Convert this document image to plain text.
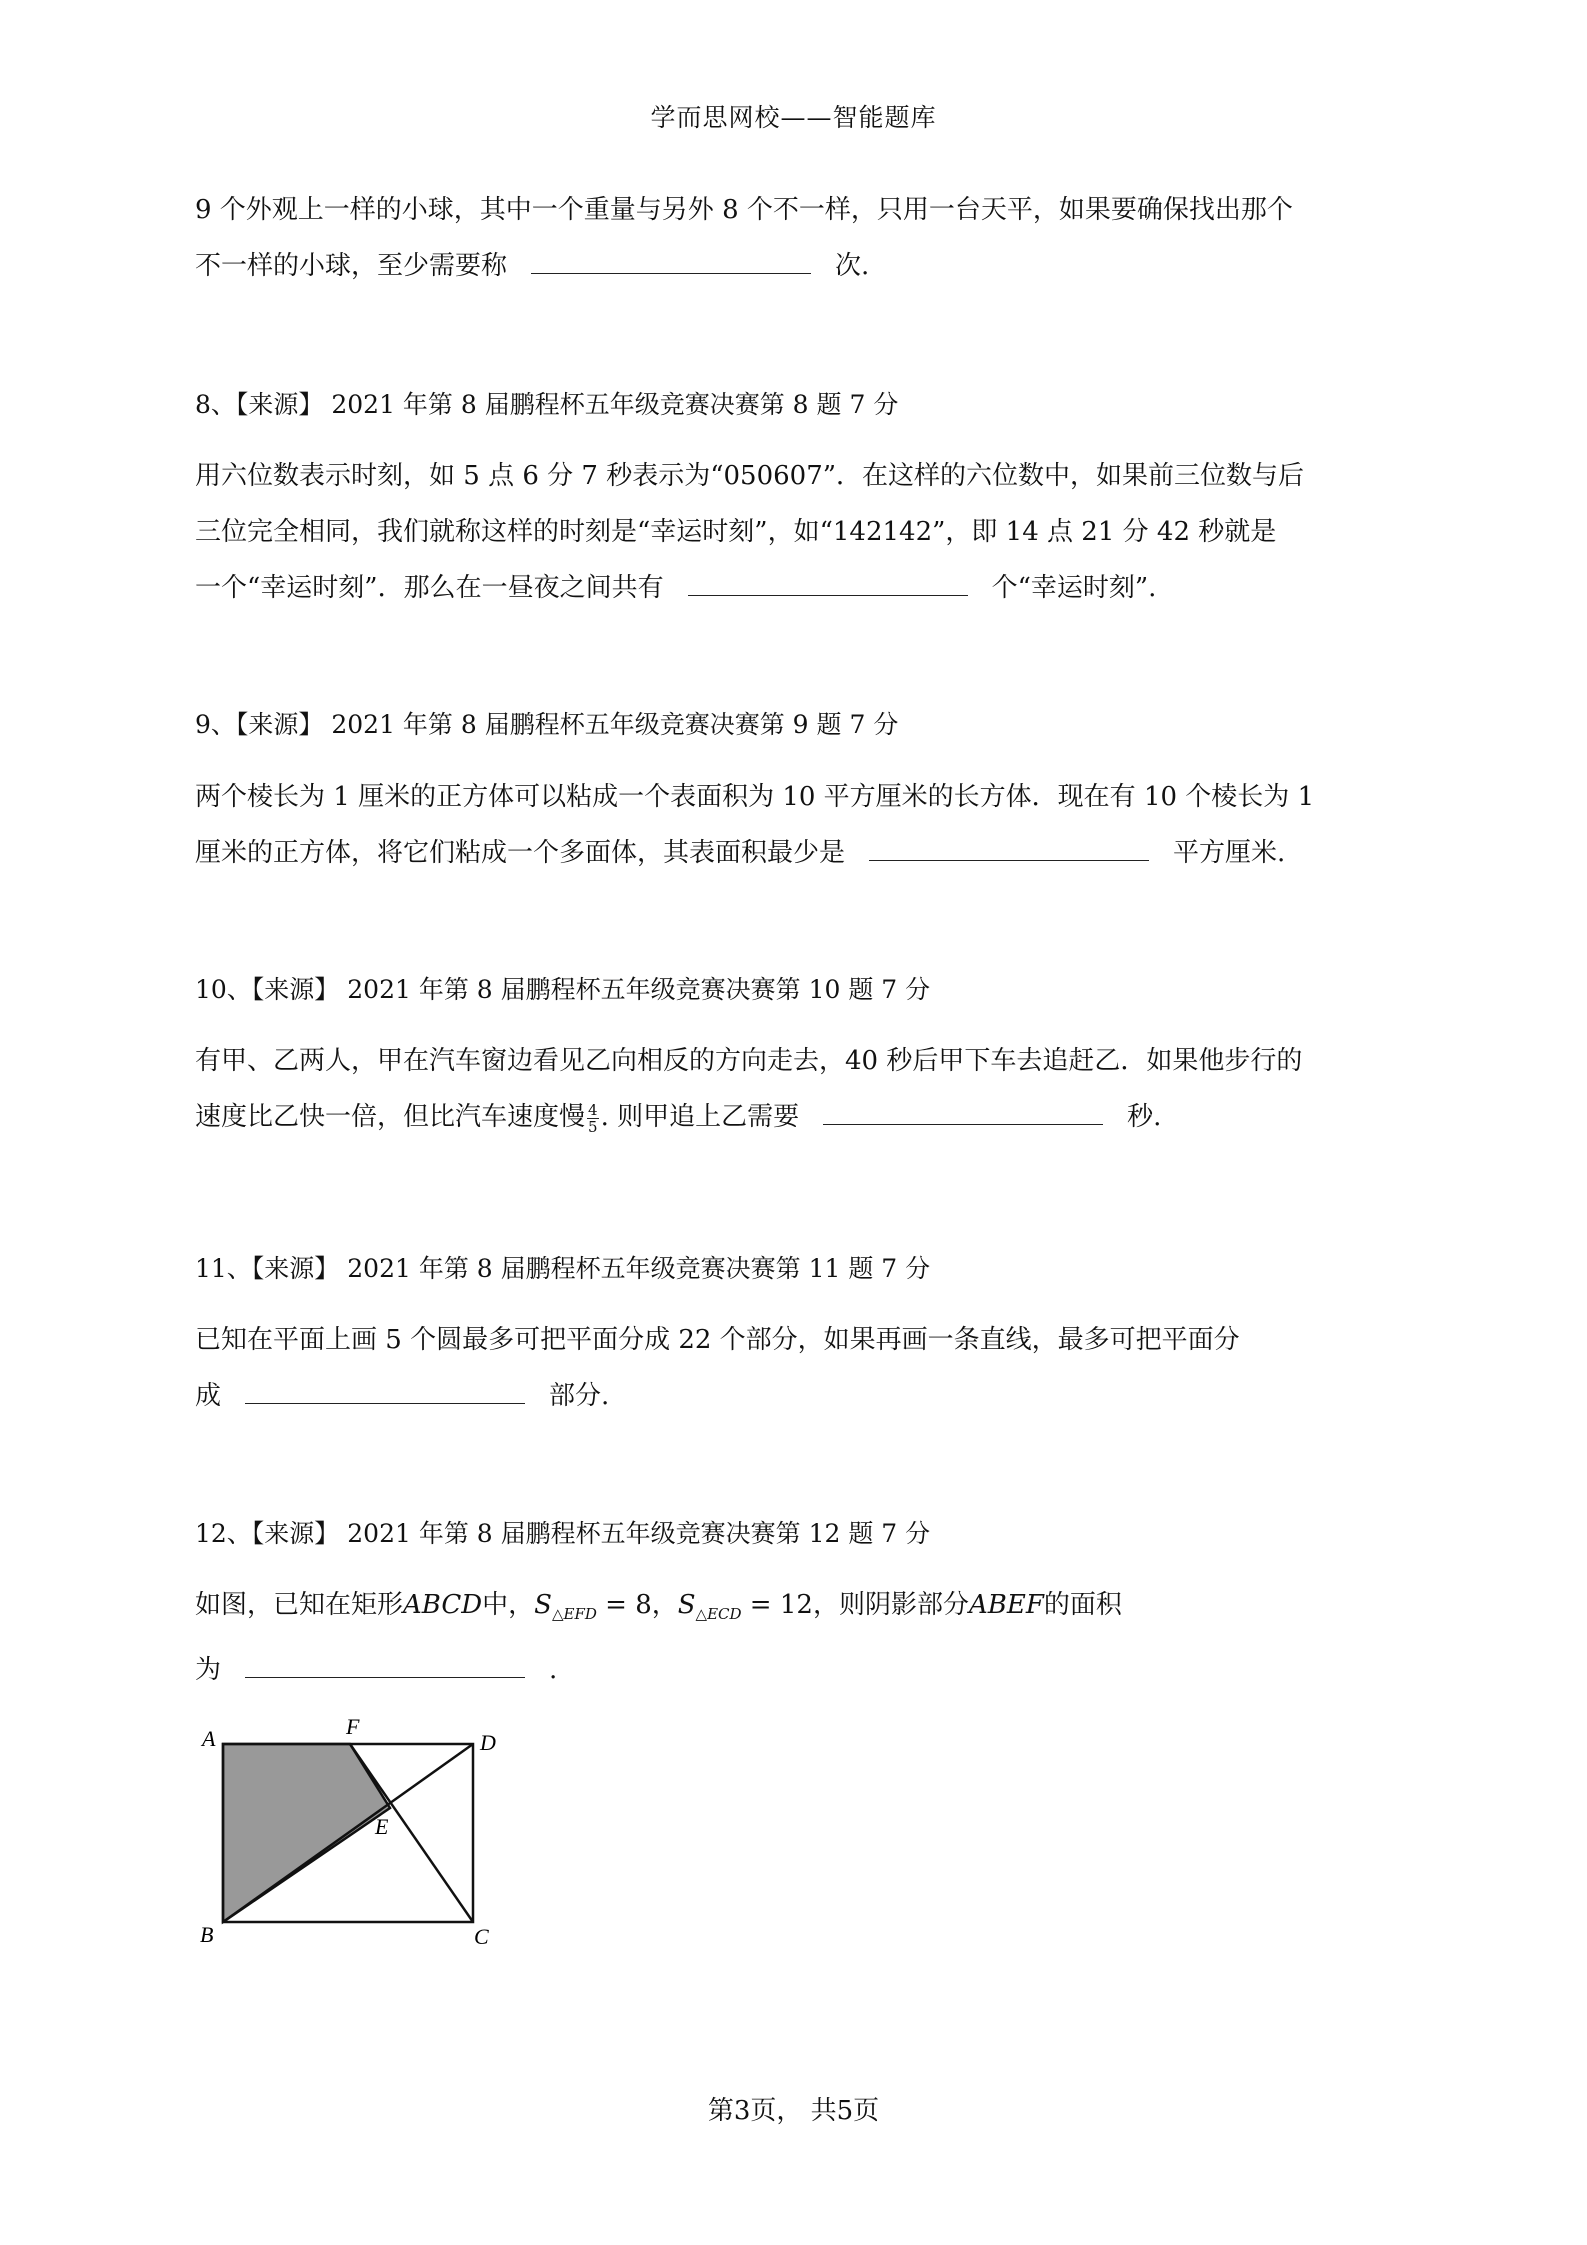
学而思网校——智能题库
9 个外观上一样的小球，其中一个重量与另外 8 个不一样，只用一台天平，如果要确保找出那个
不一样的小球，至少需要称	次.
8、【来源】 2021 年第 8 届鹏程杯五年级竞赛决赛第 8 题 7 分
用六位数表示时刻，如 5 点 6 分 7 秒表示为“050607”．在这样的六位数中，如果前三位数与后
三位完全相同，我们就称这样的时刻是“幸运时刻”，如“142142”，即 14 点 21 分 42 秒就是
一个“幸运时刻”．那么在一昼夜之间共有	个“幸运时刻”.
9、【来源】 2021 年第 8 届鹏程杯五年级竞赛决赛第 9 题 7 分
两个棱长为 1 厘米的正方体可以粘成一个表面积为 10 平方厘米的长方体．现在有 10 个棱长为 1
厘米的正方体，将它们粘成一个多面体，其表面积最少是	平方厘米.
10、【来源】 2021 年第 8 届鹏程杯五年级竞赛决赛第 10 题 7 分
有甲、乙两人，甲在汽车窗边看见乙向相反的方向走去，40 秒后甲下车去追赶乙．如果他步行的
速度比乙快一倍，但比汽车速度慢 $\frac{4}{5}$ . 则甲追上乙需要	秒.
11、【来源】 2021 年第 8 届鹏程杯五年级竞赛决赛第 11 题 7 分
已知在平面上画 5 个圆最多可把平面分成 22 个部分，如果再画一条直线，最多可把平面分
成	部分.
12、【来源】 2021 年第 8 届鹏程杯五年级竞赛决赛第 12 题 7 分
如图，已知在矩形ABCD中，$S_{\triangle EFD} = 8$，$S_{\triangle ECD} = 12$，则阴影部分ABEF的面积
为	.
A	F
D
E
B	C
第3页， 共5页
